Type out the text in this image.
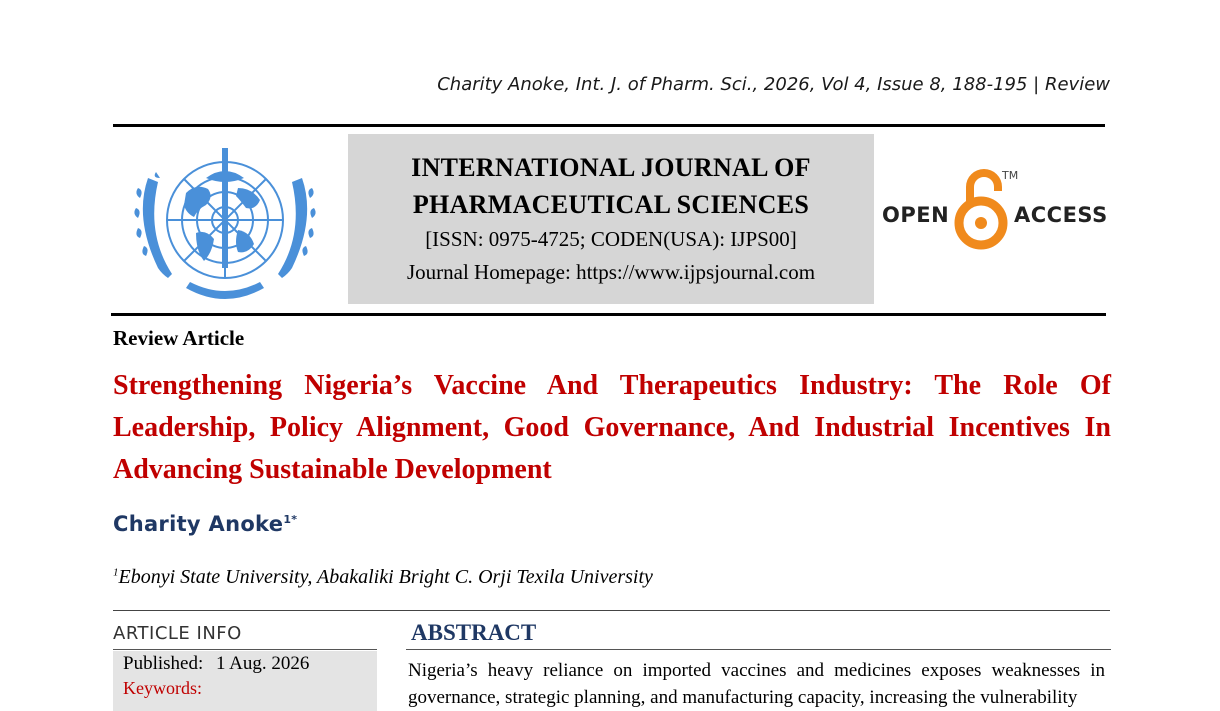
Charity Anoke, Int. J. of Pharm. Sci., 2026, Vol 4, Issue 8, 188-195 | Review
INTERNATIONAL JOURNAL OF
PHARMACEUTICAL SCIENCES
[ISSN: 0975-4725; CODEN(USA): IJPS00]
Journal Homepage: https://www.ijpsjournal.com
OPEN
TM
ACCESS
Review Article
Strengthening Nigeria’s Vaccine And Therapeutics Industry: The Role Of Leadership, Policy Alignment, Good Governance, And Industrial Incentives In Advancing Sustainable Development
Charity Anoke$^{1*}$
$^1$Ebonyi State University, Abakaliki Bright C. Orji Texila University
ARTICLE INFO
Published: 1 Aug. 2026
Keywords:
ABSTRACT
Nigeria’s heavy reliance on imported vaccines and medicines exposes weaknesses in governance, strategic planning, and manufacturing capacity, increasing the vulnerability
